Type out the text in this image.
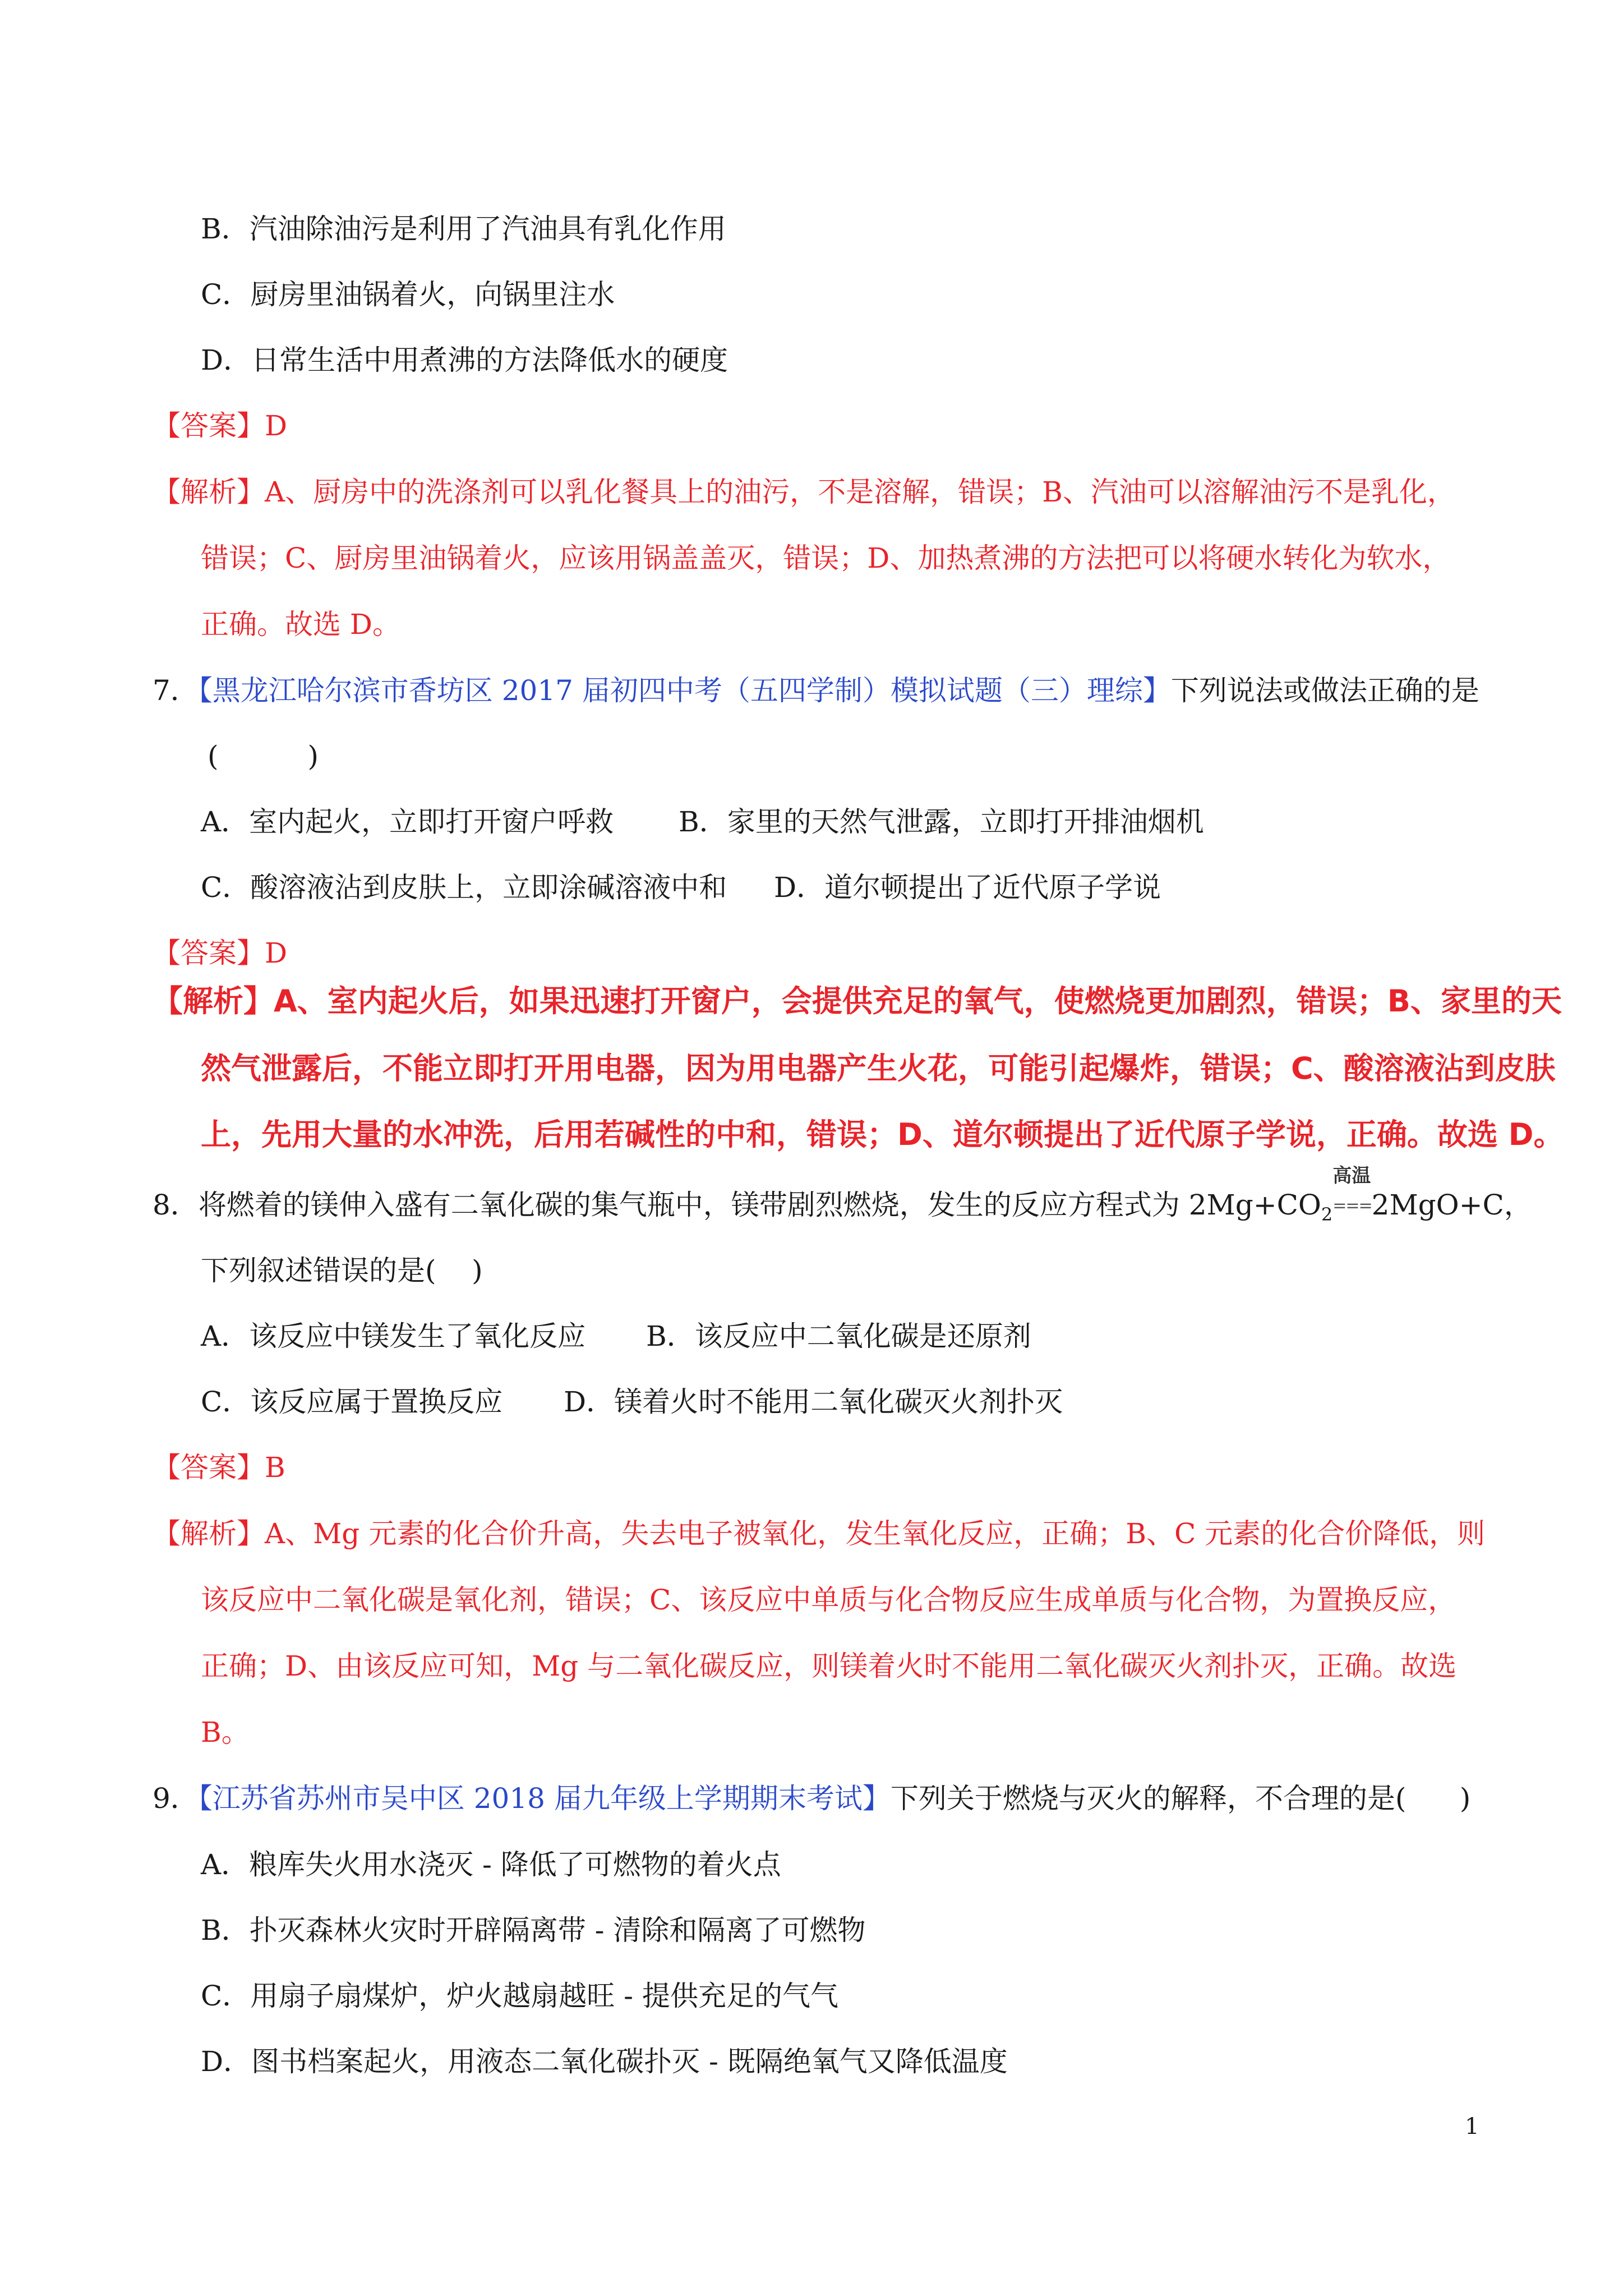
B．汽油除油污是利用了汽油具有乳化作用
C．厨房里油锅着火，向锅里注水
D．日常生活中用煮沸的方法降低水的硬度
【答案】D
【解析】A、厨房中的洗涤剂可以乳化餐具上的油污，不是溶解，错误；B、汽油可以溶解油污不是乳化，
错误；C、厨房里油锅着火，应该用锅盖盖灭，错误；D、加热煮沸的方法把可以将硬水转化为软水，
正确。故选 D。
7．【黑龙江哈尔滨市香坊区 2017 届初四中考（五四学制）模拟试题（三）理综】下列说法或做法正确的是
(          )
A．室内起火，立即打开窗户呼救 B．家里的天然气泄露，立即打开排油烟机
C．酸溶液沾到皮肤上，立即涂碱溶液中和 D．道尔顿提出了近代原子学说
【答案】D
【解析】A、室内起火后，如果迅速打开窗户，会提供充足的氧气，使燃烧更加剧烈，错误；B、家里的天
然气泄露后，不能立即打开用电器，因为用电器产生火花，可能引起爆炸，错误；C、酸溶液沾到皮肤
上，先用大量的水冲洗，后用若碱性的中和，错误；D、道尔顿提出了近代原子学说，正确。故选 D。
8．将燃着的镁伸入盛有二氧化碳的集气瓶中，镁带剧烈燃烧，发生的反应方程式为 $2Mg+CO_2$
高温
===2MgO+C，
下列叙述错误的是(    )
A．该反应中镁发生了氧化反应 B．该反应中二氧化碳是还原剂
C．该反应属于置换反应 D．镁着火时不能用二氧化碳灭火剂扑灭
【答案】B
【解析】A、Mg 元素的化合价升高，失去电子被氧化，发生氧化反应，正确；B、C 元素的化合价降低，则
该反应中二氧化碳是氧化剂，错误；C、该反应中单质与化合物反应生成单质与化合物，为置换反应，
正确；D、由该反应可知，Mg 与二氧化碳反应，则镁着火时不能用二氧化碳灭火剂扑灭，正确。故选
B。
9．【江苏省苏州市吴中区 2018 届九年级上学期期末考试】下列关于燃烧与灭火的解释，不合理的是(      )
A．粮库失火用水浇灭 - 降低了可燃物的着火点
B．扑灭森林火灾时开辟隔离带 - 清除和隔离了可燃物
C．用扇子扇煤炉，炉火越扇越旺 - 提供充足的气气
D．图书档案起火，用液态二氧化碳扑灭 - 既隔绝氧气又降低温度
1
